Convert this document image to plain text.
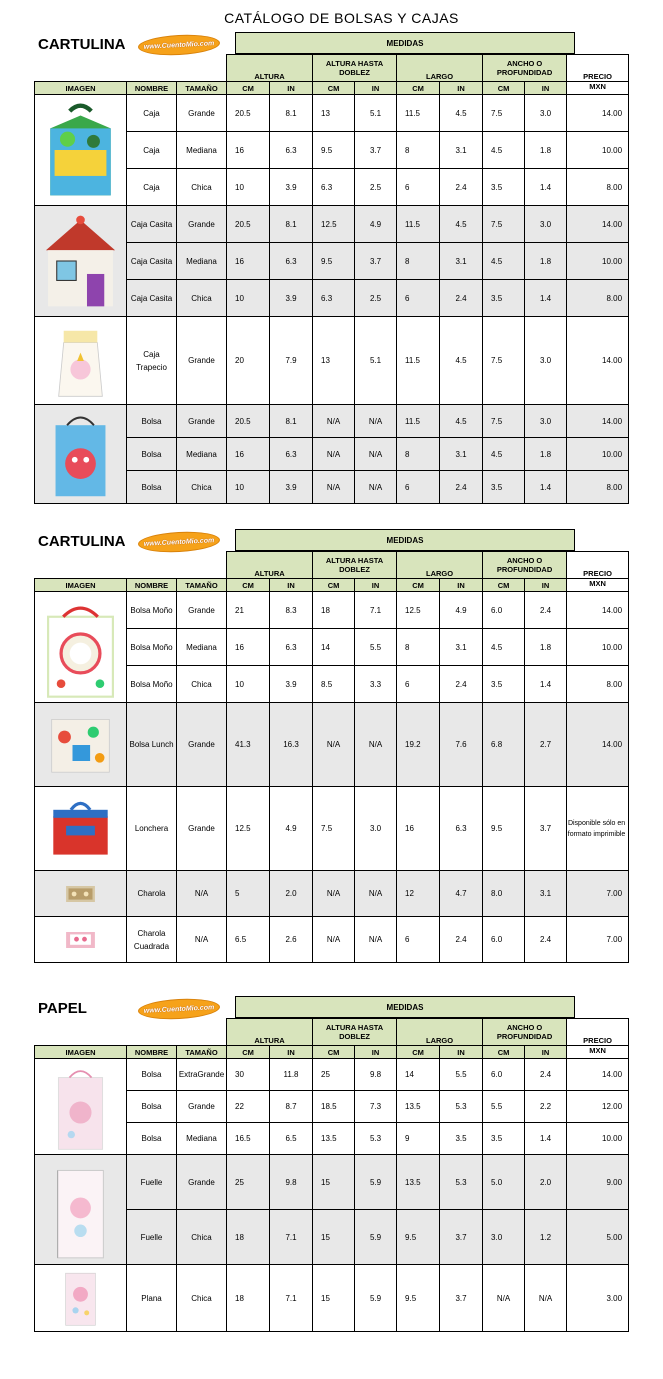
CATÁLOGO DE BOLSAS Y CAJAS
CARTULINA	www.CuentoMio.com	MEDIDAS
			ALTURA		ALTURA HASTA DOBLEZ		LARGO		ANCHO O PROFUNDIDAD		PRECIO
IMAGEN	NOMBRE	TAMAÑO	CM	IN	CM	IN	CM	IN	CM	IN	MXN

	Caja	Grande	20.5	8.1	13	5.1	11.5	4.5	7.5	3.0	14.00
	Caja	Mediana	16	6.3	9.5	3.7	8	3.1	4.5	1.8	10.00
	Caja	Chica	10	3.9	6.3	2.5	6	2.4	3.5	1.4	8.00

	Caja Casita	Grande	20.5	8.1	12.5	4.9	11.5	4.5	7.5	3.0	14.00
	Caja Casita	Mediana	16	6.3	9.5	3.7	8	3.1	4.5	1.8	10.00
	Caja Casita	Chica	10	3.9	6.3	2.5	6	2.4	3.5	1.4	8.00

	Caja Trapecio	Grande	20	7.9	13	5.1	11.5	4.5	7.5	3.0	14.00

	Bolsa	Grande	20.5	8.1	N/A	N/A	11.5	4.5	7.5	3.0	14.00
	Bolsa	Mediana	16	6.3	N/A	N/A	8	3.1	4.5	1.8	10.00
	Bolsa	Chica	10	3.9	N/A	N/A	6	2.4	3.5	1.4	8.00
CARTULINA	www.CuentoMio.com	MEDIDAS
			ALTURA		ALTURA HASTA DOBLEZ		LARGO		ANCHO O PROFUNDIDAD		PRECIO
IMAGEN	NOMBRE	TAMAÑO	CM	IN	CM	IN	CM	IN	CM	IN	MXN

	Bolsa Moño	Grande	21	8.3	18	7.1	12.5	4.9	6.0	2.4	14.00
	Bolsa Moño	Mediana	16	6.3	14	5.5	8	3.1	4.5	1.8	10.00
	Bolsa Moño	Chica	10	3.9	8.5	3.3	6	2.4	3.5	1.4	8.00

	Bolsa Lunch	Grande	41.3	16.3	N/A	N/A	19.2	7.6	6.8	2.7	14.00

	Lonchera	Grande	12.5	4.9	7.5	3.0	16	6.3	9.5	3.7	Disponible sólo en formato imprimible

	Charola	N/A	5	2.0	N/A	N/A	12	4.7	8.0	3.1	7.00

	Charola Cuadrada	N/A	6.5	2.6	N/A	N/A	6	2.4	6.0	2.4	7.00
PAPEL	www.CuentoMio.com	MEDIDAS
			ALTURA		ALTURA HASTA DOBLEZ		LARGO		ANCHO O PROFUNDIDAD		PRECIO
IMAGEN	NOMBRE	TAMAÑO	CM	IN	CM	IN	CM	IN	CM	IN	MXN

	Bolsa	ExtraGrande	30	11.8	25	9.8	14	5.5	6.0	2.4	14.00
	Bolsa	Grande	22	8.7	18.5	7.3	13.5	5.3	5.5	2.2	12.00
	Bolsa	Mediana	16.5	6.5	13.5	5.3	9	3.5	3.5	1.4	10.00

	Fuelle	Grande	25	9.8	15	5.9	13.5	5.3	5.0	2.0	9.00
	Fuelle	Chica	18	7.1	15	5.9	9.5	3.7	3.0	1.2	5.00

	Plana	Chica	18	7.1	15	5.9	9.5	3.7	N/A	N/A	3.00
